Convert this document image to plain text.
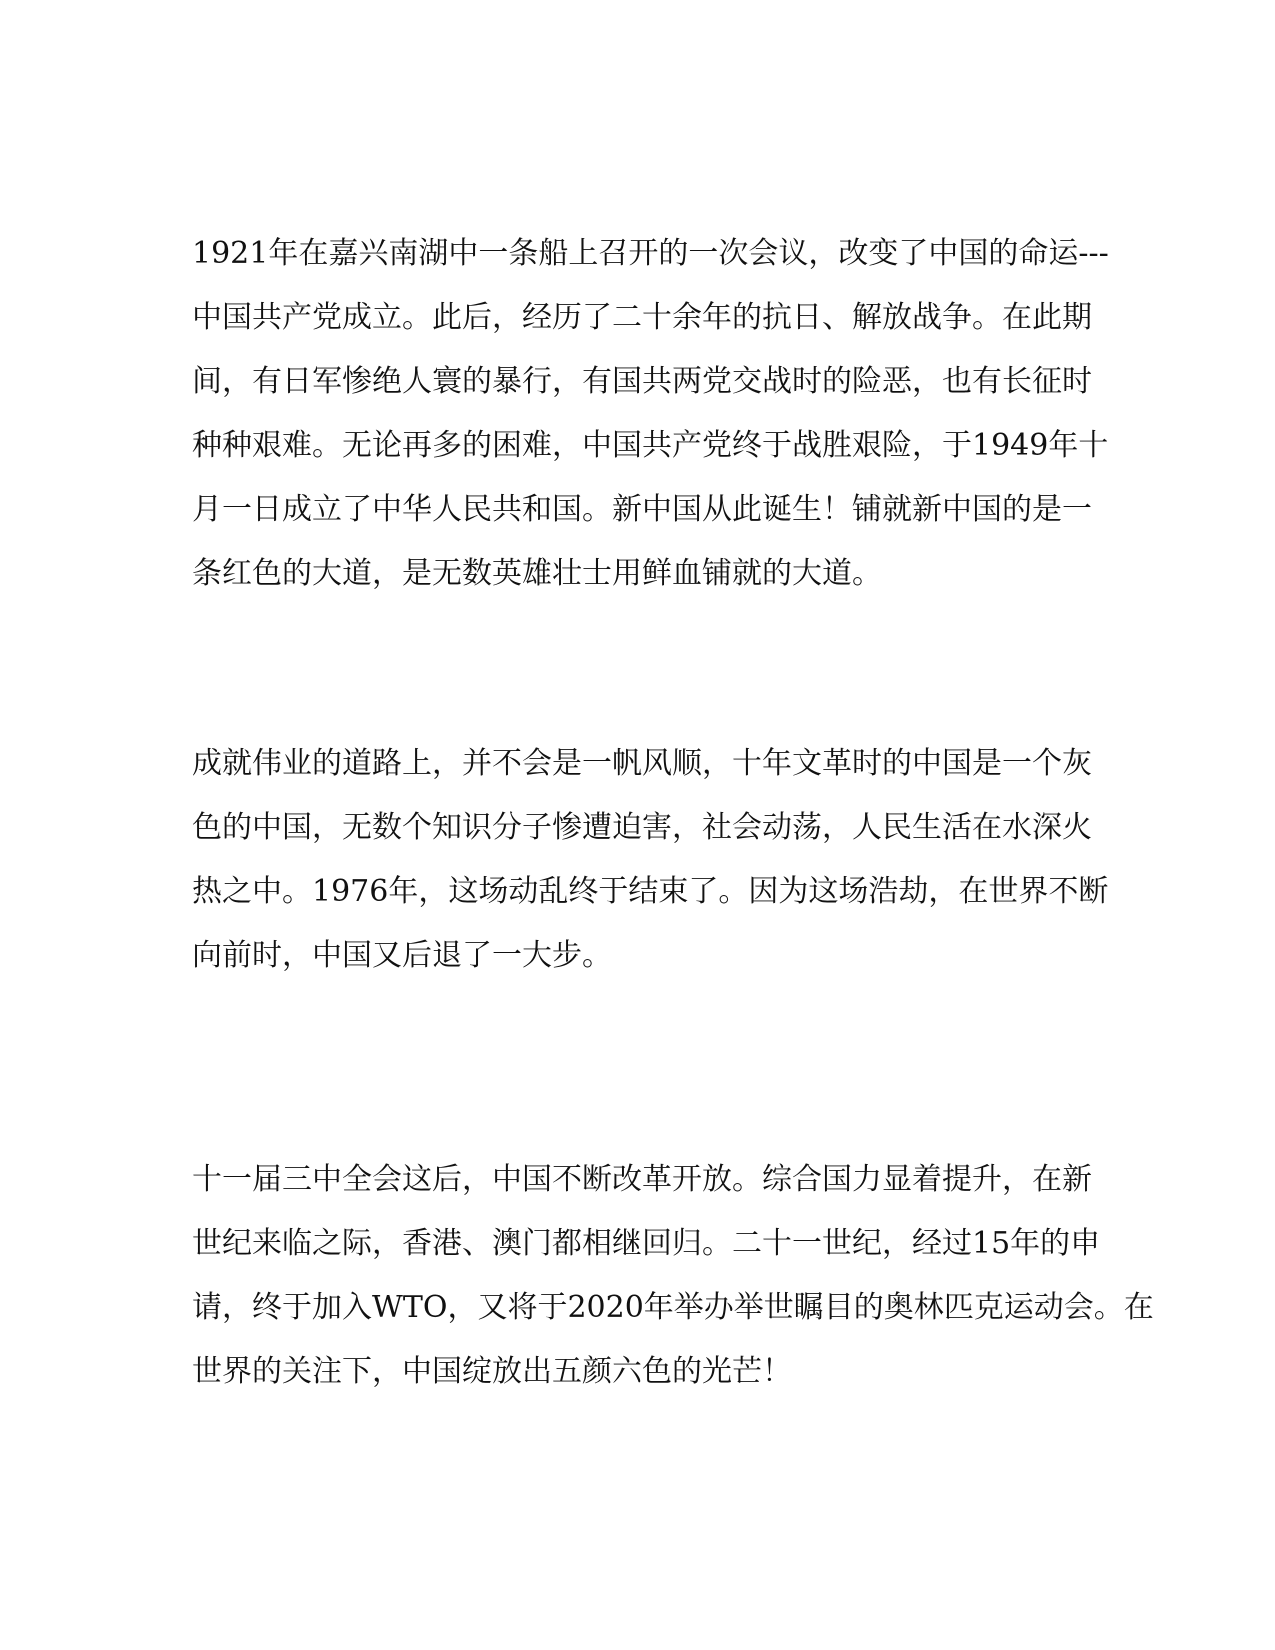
1921年在嘉兴南湖中一条船上召开的一次会议，改变了中国的命运---
中国共产党成立。此后，经历了二十余年的抗日、解放战争。在此期
间，有日军惨绝人寰的暴行，有国共两党交战时的险恶，也有长征时
种种艰难。无论再多的困难，中国共产党终于战胜艰险，于1949年十
月一日成立了中华人民共和国。新中国从此诞生！铺就新中国的是一
条红色的大道，是无数英雄壮士用鲜血铺就的大道。

成就伟业的道路上，并不会是一帆风顺，十年文革时的中国是一个灰
色的中国，无数个知识分子惨遭迫害，社会动荡，人民生活在水深火
热之中。1976年，这场动乱终于结束了。因为这场浩劫，在世界不断
向前时，中国又后退了一大步。

十一届三中全会这后，中国不断改革开放。综合国力显着提升，在新
世纪来临之际，香港、澳门都相继回归。二十一世纪，经过15年的申
请，终于加入WTO，又将于2020年举办举世瞩目的奥林匹克运动会。在
世界的关注下，中国绽放出五颜六色的光芒！
